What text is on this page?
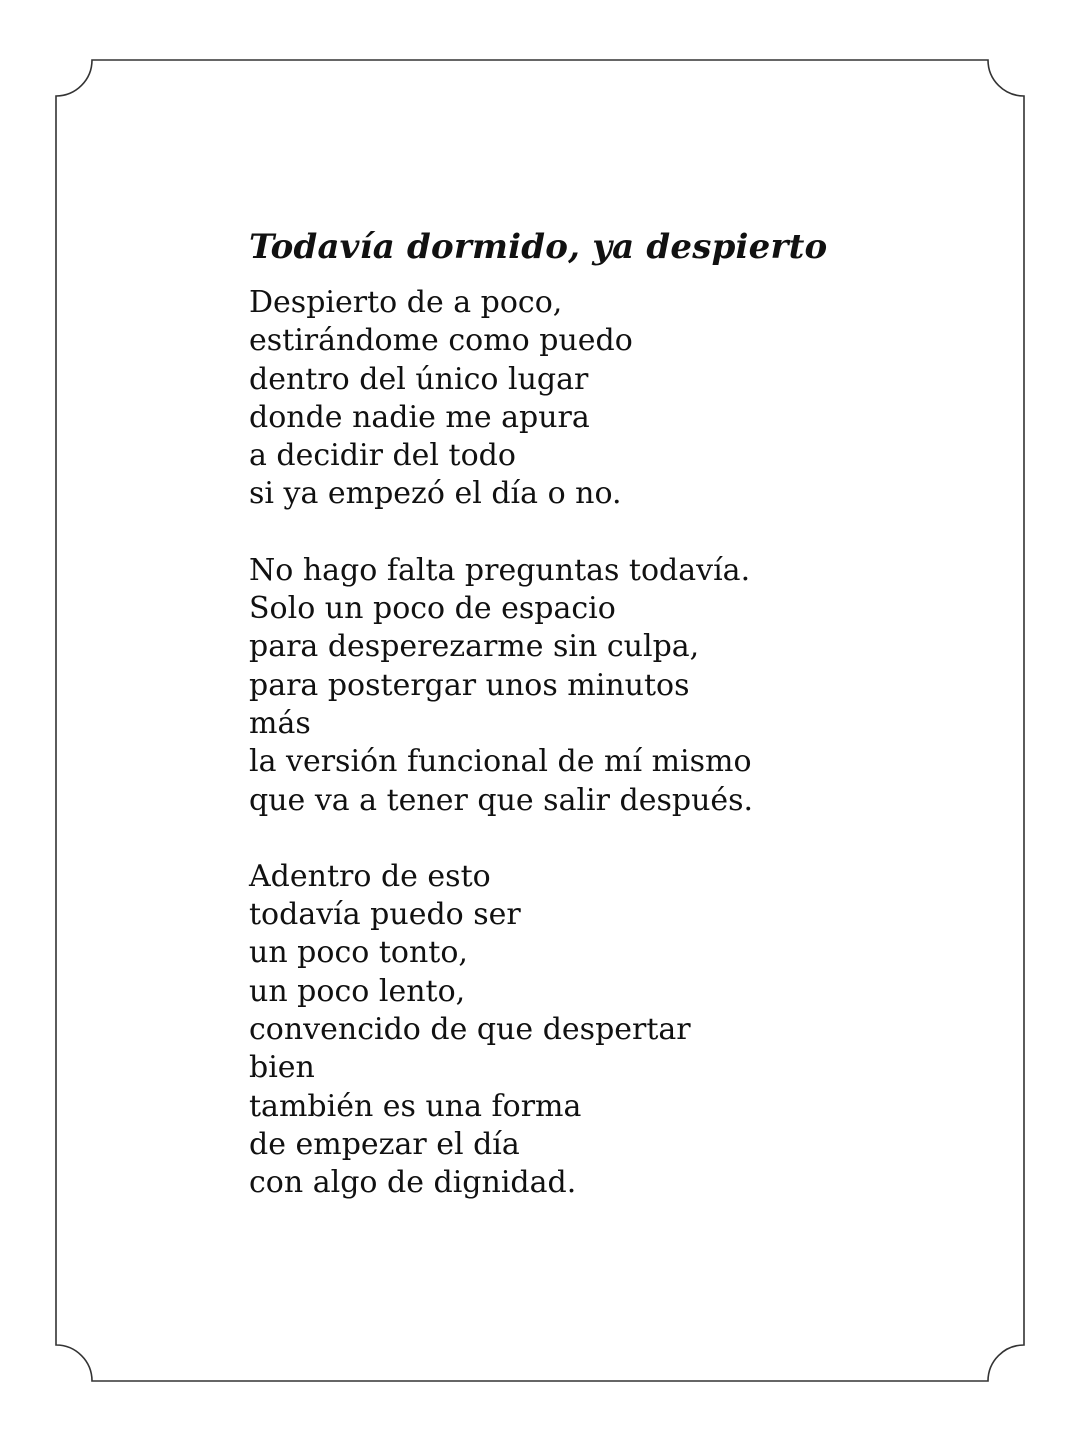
Todavía dormido, ya despierto
Despierto de a poco,
estirándome como puedo
dentro del único lugar
donde nadie me apura
a decidir del todo
si ya empezó el día o no.
No hago falta preguntas todavía.
Solo un poco de espacio
para desperezarme sin culpa,
para postergar unos minutos
más
la versión funcional de mí mismo
que va a tener que salir después.
Adentro de esto
todavía puedo ser
un poco tonto,
un poco lento,
convencido de que despertar
bien
también es una forma
de empezar el día
con algo de dignidad.
